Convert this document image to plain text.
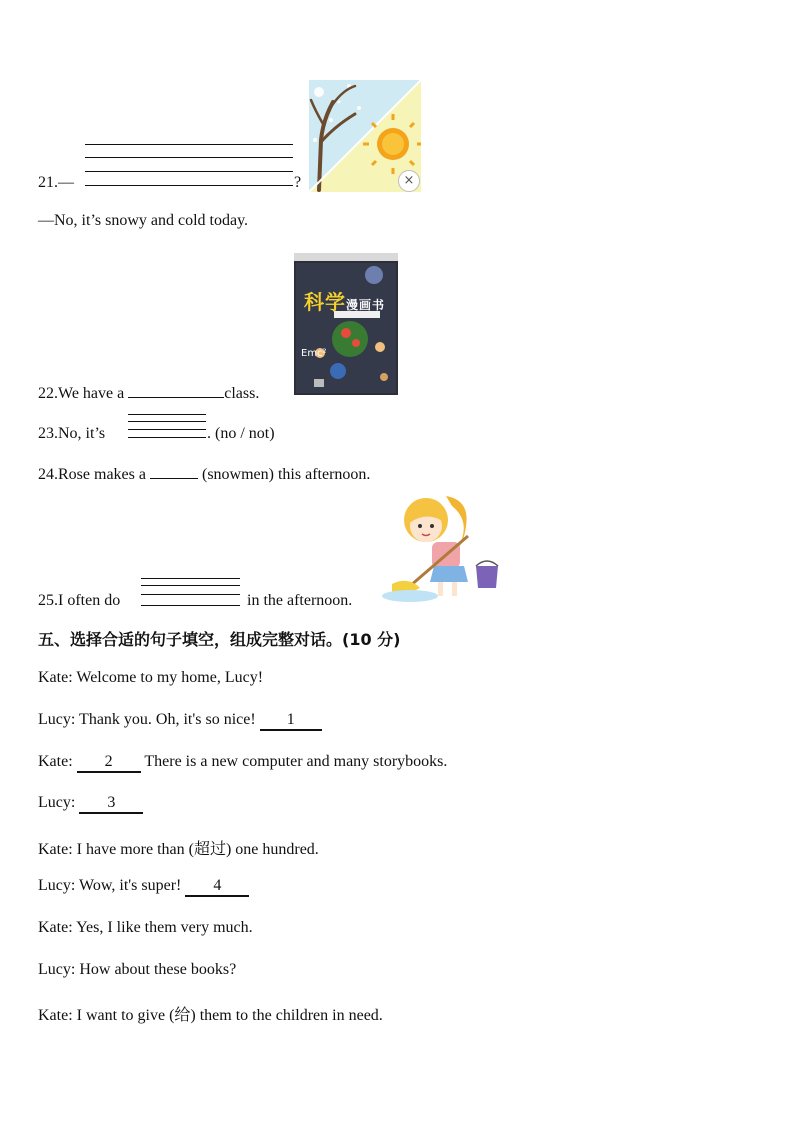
21.—	?	×
—No, it’s snowy and cold today.
科学漫画书
Emc²
22.We have a	class.
23.No, it’s	. (no / not)
24.Rose makes a	(snowmen) this afternoon.
25.I often do	in the afternoon.
五、选择合适的句子填空，组成完整对话。(10 分)
Kate: Welcome to my home, Lucy!
Lucy: Thank you. Oh, it's so nice! 1
Kate: 2 There is a new computer and many storybooks.
Lucy: 3
Kate: I have more than (超过) one hundred.
Lucy: Wow, it's super! 4
Kate: Yes, I like them very much.
Lucy: How about these books?
Kate: I want to give (给) them to the children in need.
